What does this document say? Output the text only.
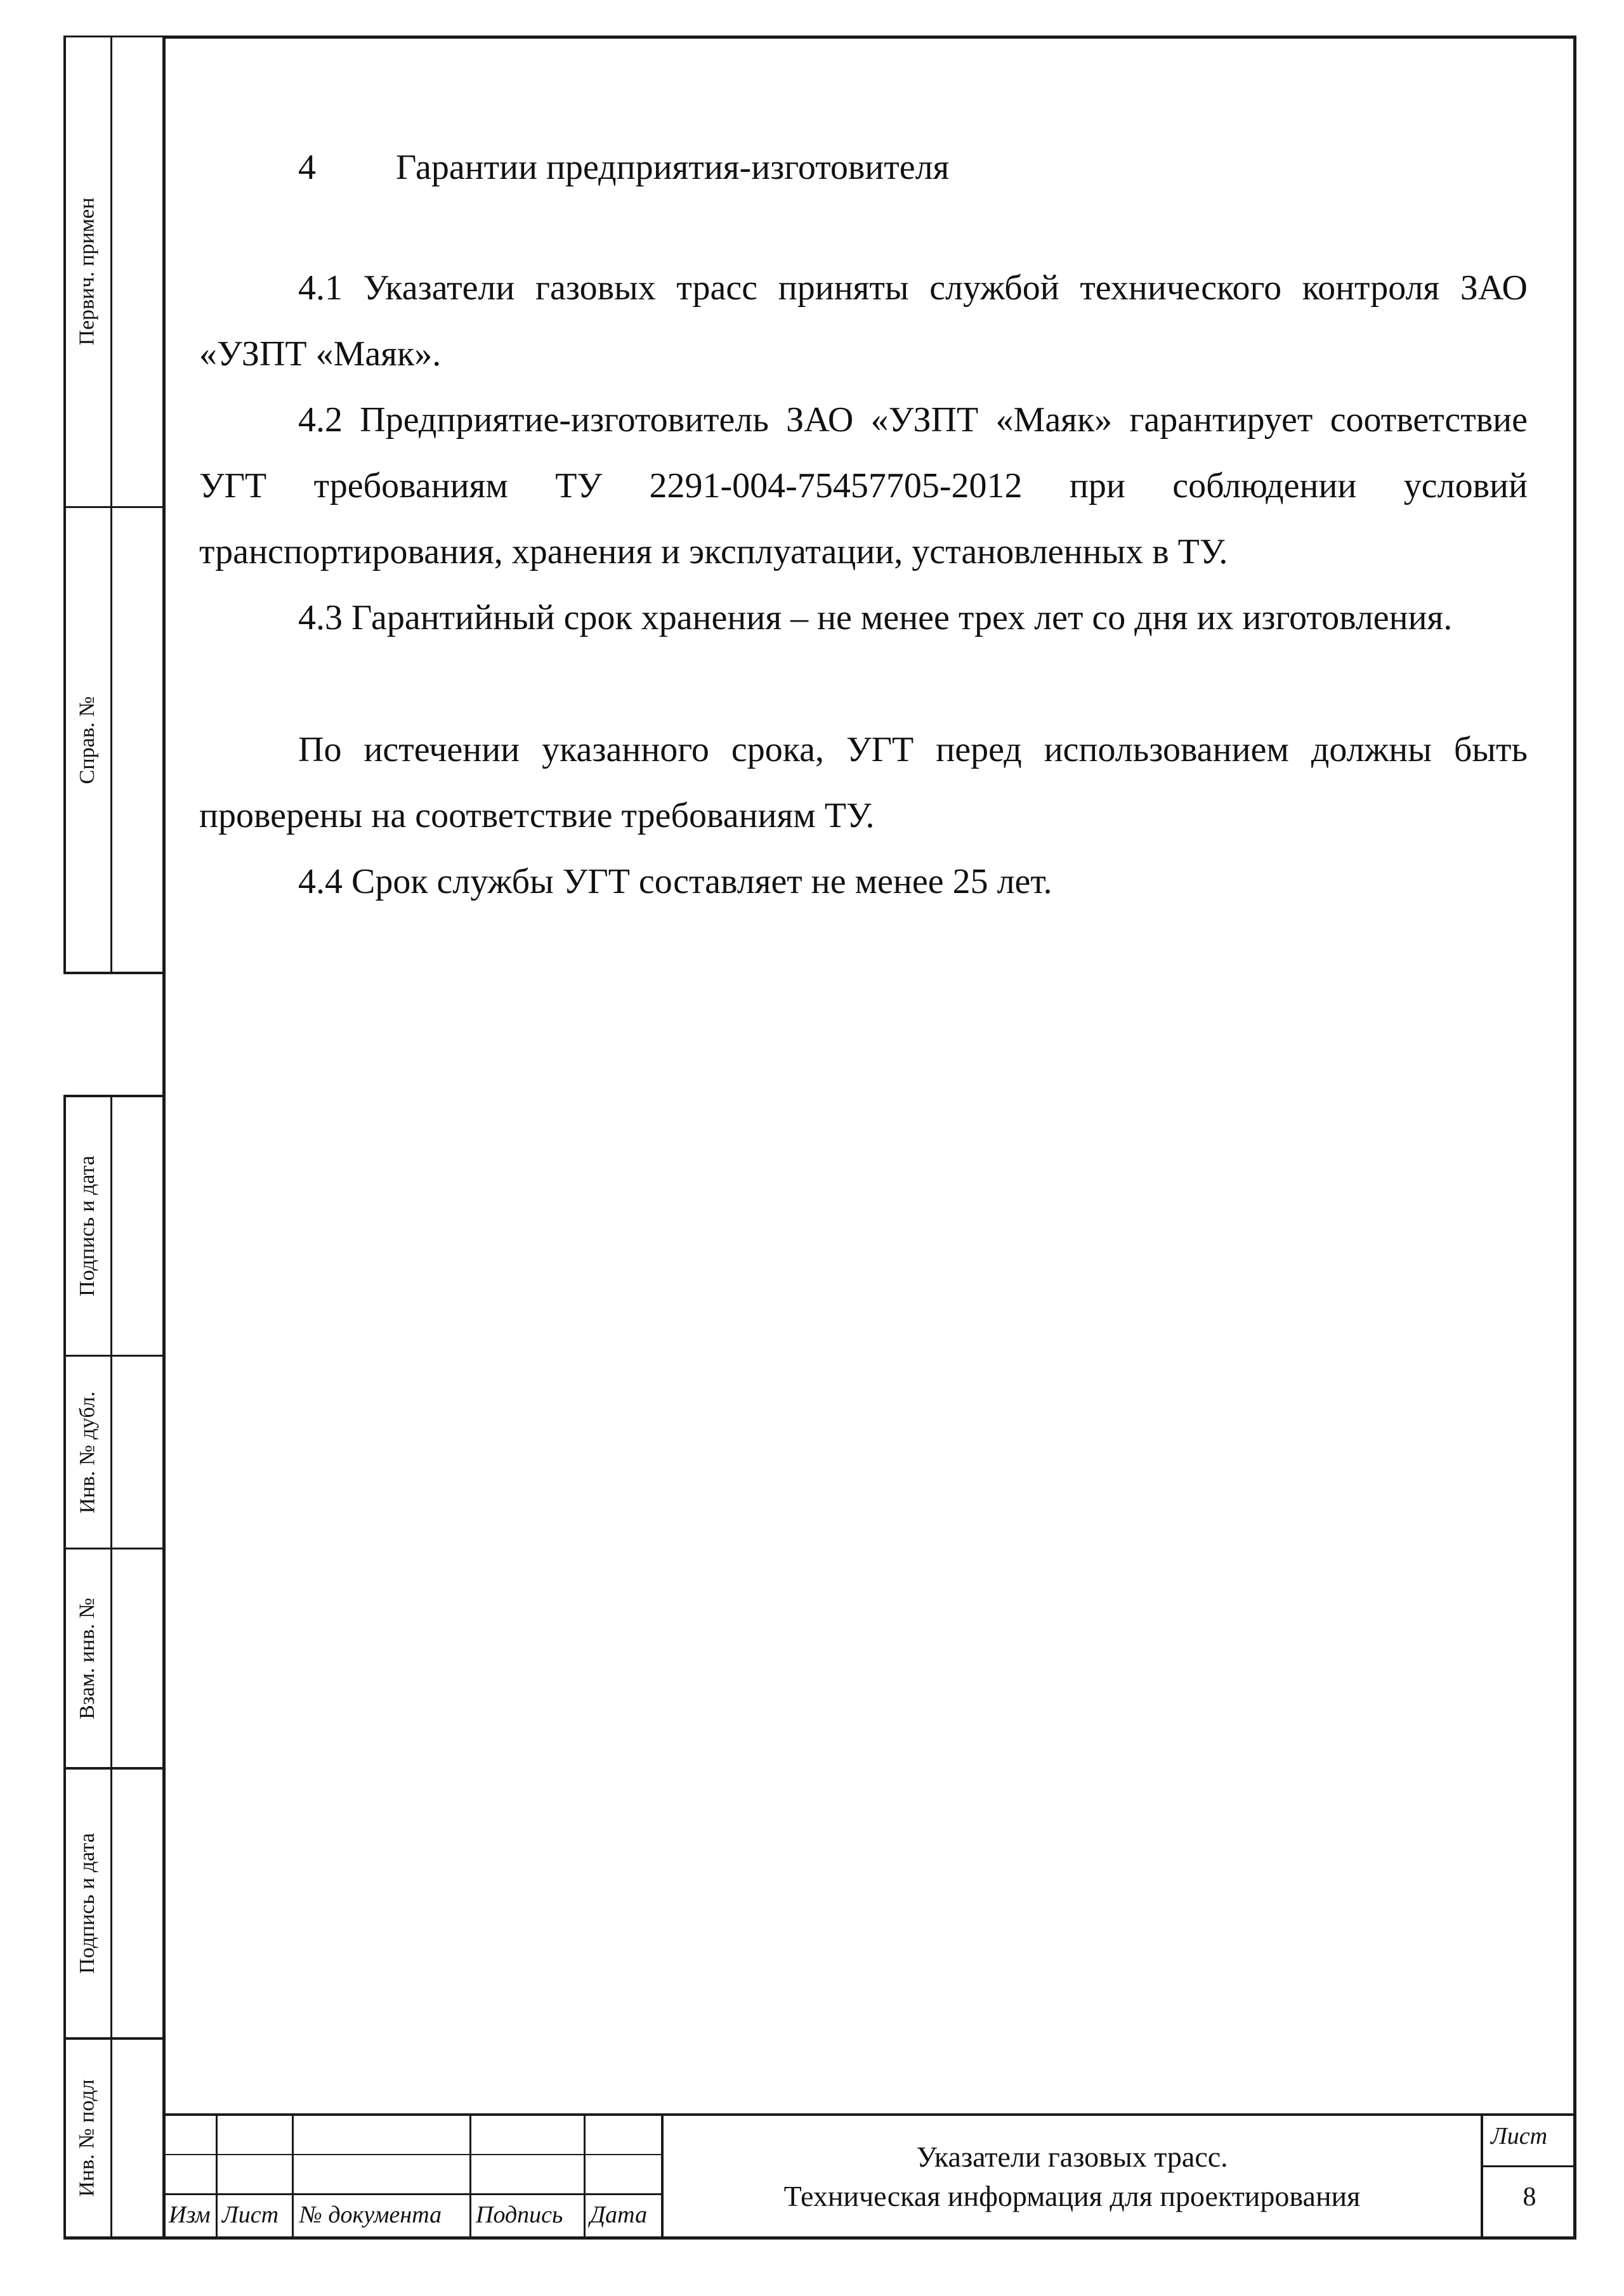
Первич. примен
Справ. №
Подпись и дата
Инв. № дубл.
Взам. инв. №
Подпись и дата
Инв. № подл
4 Гарантии предприятия-изготовителя
4.1 Указатели газовых трасс приняты службой технического контроля ЗАО «УЗПТ «Маяк».
4.2 Предприятие-изготовитель ЗАО «УЗПТ «Маяк» гарантирует соответствие УГТ требованиям ТУ 2291-004-75457705-2012 при соблюдении условий транспортирования, хранения и эксплуатации, установленных в ТУ.
4.3 Гарантийный срок хранения – не менее трех лет со дня их изготовления.
По истечении указанного срока, УГТ перед использованием должны быть проверены на соответствие требованиям ТУ.
4.4 Срок службы УГТ составляет не менее 25 лет.
Изм Лист № документа Подпись Дата
Указатели газовых трасс.
Техническая информация для проектирования
Лист
8
